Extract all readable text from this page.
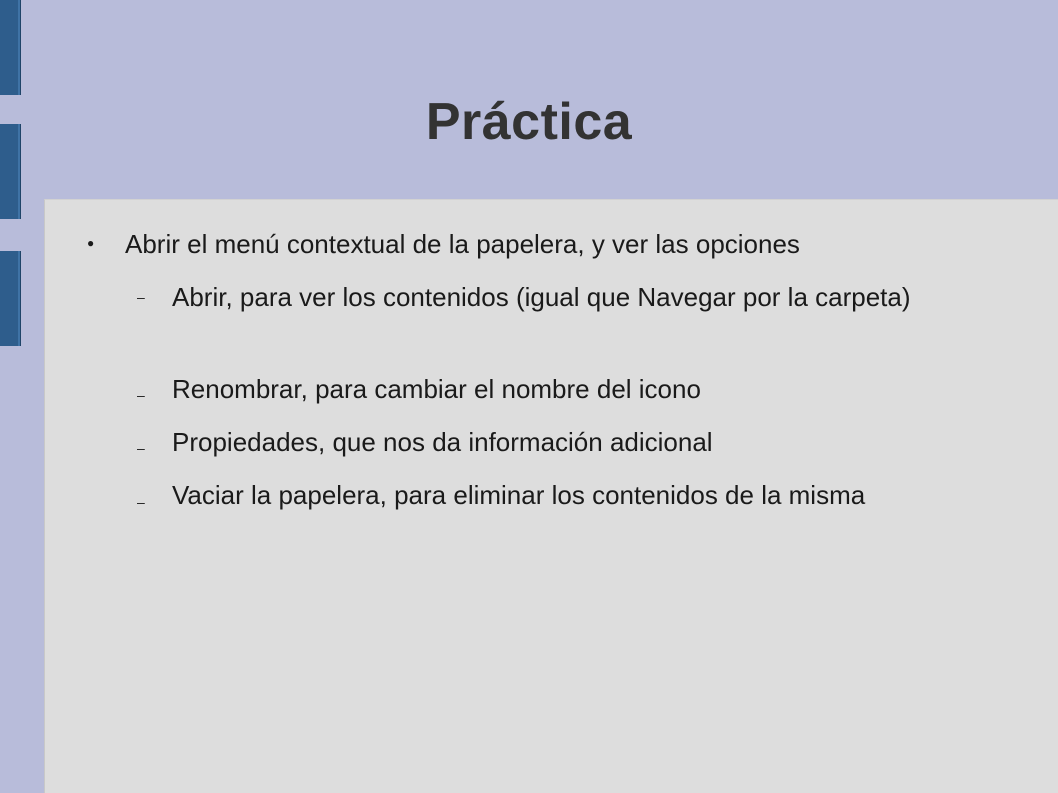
Práctica
● Abrir el menú contextual de la papelera, y ver las opciones
– Abrir, para ver los contenidos (igual que Navegar por la carpeta)
– Renombrar, para cambiar el nombre del icono
– Propiedades, que nos da información adicional
– Vaciar la papelera, para eliminar los contenidos de la misma
